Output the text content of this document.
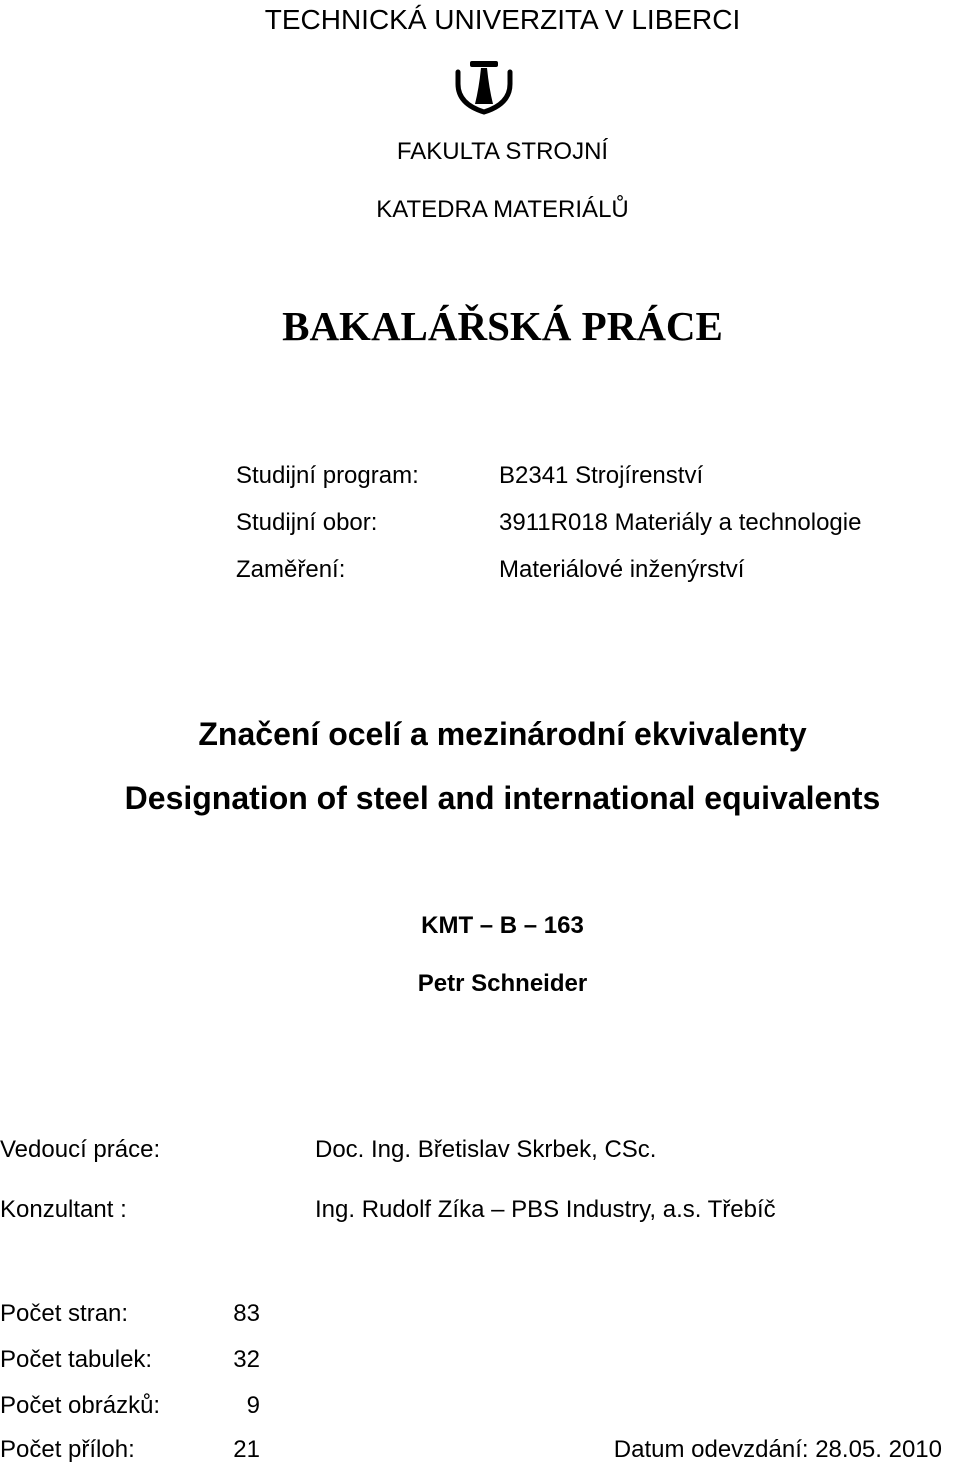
TECHNICKÁ UNIVERZITA V LIBERCI
FAKULTA STROJNÍ
KATEDRA MATERIÁLŮ
BAKALÁŘSKÁ PRÁCE
Studijní program:	B2341 Strojírenství
Studijní obor:	3911R018 Materiály a technologie
Zaměření:	Materiálové inženýrství
Značení ocelí a mezinárodní ekvivalenty
Designation of steel and international equivalents
KMT – B – 163
Petr Schneider
Vedoucí práce:	Doc. Ing. Břetislav Skrbek, CSc.
Konzultant :	Ing. Rudolf Zíka – PBS Industry, a.s. Třebíč
Počet stran:	83
Počet tabulek:	32
Počet obrázků:	9
Počet příloh:	21	Datum odevzdání: 28.05. 2010
